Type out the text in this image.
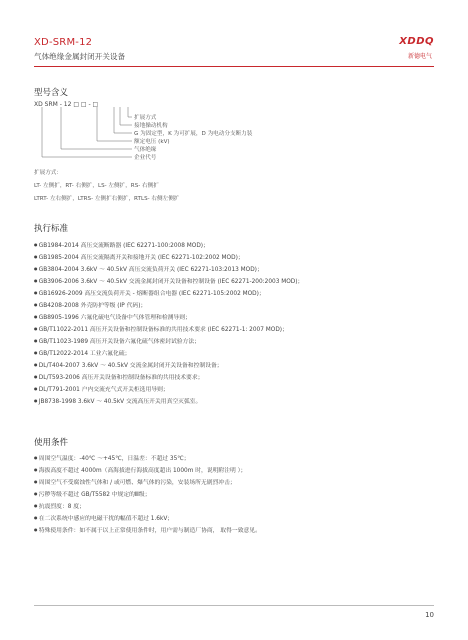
XD-SRM-12
气体绝缘金属封闭开关设备
XDDQ
新德电气
型号含义
XD SRM - 12 □ □ - □
扩展方式
接地操动机构
G 为固定型，K 为可扩展，D 为电动分支断力装
额定电压 (kV)
气体绝缘
企业代号
扩展方式：
LT- 左侧扩，RT- 右侧扩，LS- 左侧扩，RS- 右侧扩
LTRT- 左右侧扩，LTRS- 左侧扩右侧扩，RTLS- 右侧左侧扩
执行标准
● GB1984-2014 高压交流断路器 (IEC 62271-100:2008 MOD)；
● GB1985-2004 高压交流隔离开关和接地开关 (IEC 62271-102:2002 MOD)；
● GB3804-2004 3.6kV ～ 40.5kV 高压交流负荷开关 (IEC 62271-103:2013 MOD)；
● GB3906-2006 3.6kV ～ 40.5kV 交流金属封闭开关设备和控制设备 (IEC 62271-200:2003 MOD)；
● GB16926-2009 高压交流负荷开关 - 熔断器组合电器 (IEC 62271-105:2002 MOD)；
● GB4208-2008 外壳防护等级 (IP 代码)；
● GB8905-1996 六氟化硫电气设备中气体管理和检测导则；
● GB/T11022-2011 高压开关设备和控制设备标准的共用技术要求 (IEC 62271-1: 2007 MOD)；
● GB/T11023-1989 高压开关设备六氟化硫气体密封试验方法；
● GB/T12022-2014 工业六氟化硫；
● DL/T404-2007 3.6kV ～ 40.5kV 交流金属封闭开关设备和控制设备；
● DL/T593-2006 高压开关设备和控制设备标准的共用技术要求；
● DL/T791-2001 户内交流充气式开关柜选用导则；
● JB8738-1998 3.6kV ～ 40.5kV 交流高压开关用真空灭弧室。
使用条件
● 周围空气温度：-40℃ ～+45℃，日温差：不超过 35℃；
● 海拔高度不超过 4000m（高海拔进行海拔高度超出 1000m 时，说明附注明 ）；
● 周围空气不受腐蚀性气体和 / 或可燃、爆气体的污染，安装场所无剧烈冲击；
● 污秽等级不超过 GB/T5582 中规定的Ⅲ级；
● 抗震烈度：8 度；
● 在二次系统中感应的电磁干扰的幅值不超过 1.6kV；
● 特殊使用条件：如不属于以上正常使用条件时，用户需与制造厂协商， 取得一致意见。
10
